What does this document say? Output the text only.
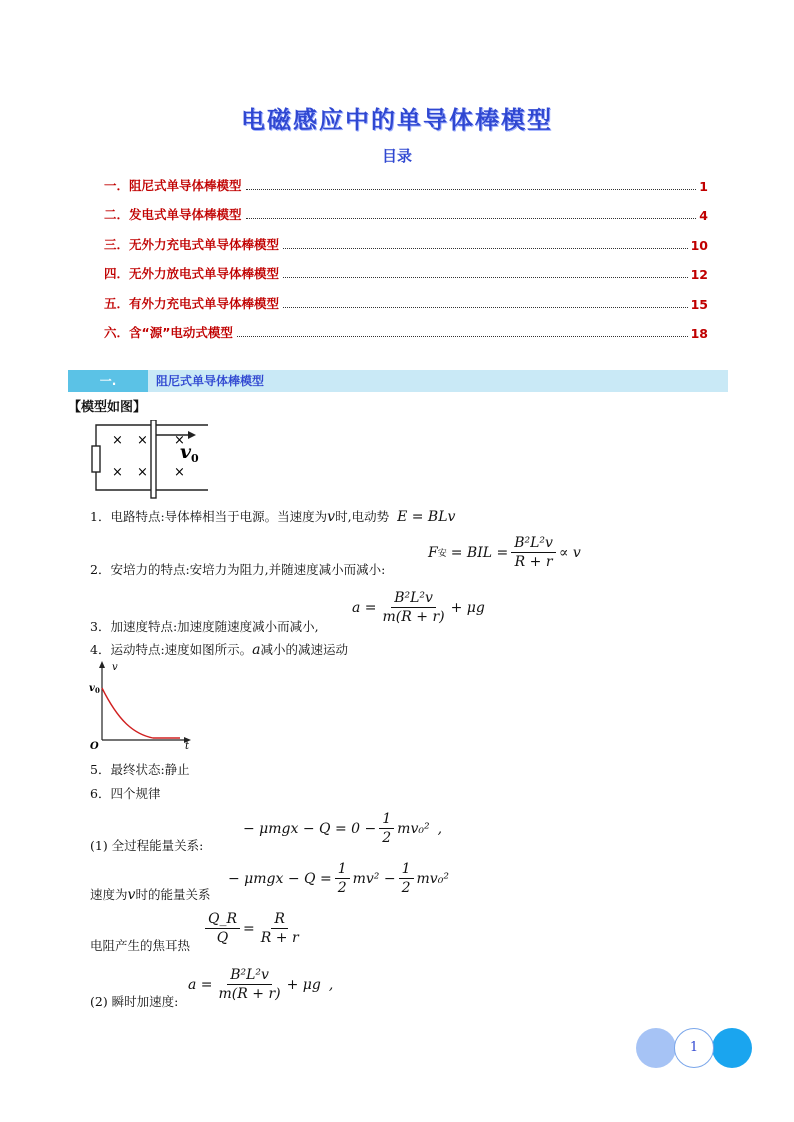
电磁感应中的单导体棒模型
目录
一．阻尼式单导体棒模型	1
二．发电式单导体棒模型	4
三．无外力充电式单导体棒模型	10
四．无外力放电式单导体棒模型	12
五．有外力充电式单导体棒模型	15
六．含“源”电动式模型	18
一.	阻尼式单导体棒模型
【模型如图】
× × ×
× × ×
v 0
1．电路特点:导体棒相当于电源。当速度为v时,电动势 E = BLv
2．安培力的特点:安培力为阻力,并随速度减小而减小:
F 安 = BIL = $\frac{\text{B²L²v}}{R + r} \propto v$
3．加速度特点:加速度随速度减小而减小,
$a = \frac{\text{B²L²v}}{m(R + r)} + \mu g$
4．运动特点:速度如图所示。a减小的减速运动
v
t
O
v 0
5．最终状态:静止
6．四个规律
(1) 全过程能量关系:
− $\mu mgx - Q = 0 - \frac{1}{2} mv_0^2$ ,
速度为v时的能量关系
− $\mu mgx - Q = \frac{1}{2} mv^2 - \frac{1}{2} mv_0^2$
电阻产生的焦耳热 $\frac{Q\_R}{Q} = \frac{R}{R + r}$
(2) 瞬时加速度:
$a = \frac{\text{B²L²v}}{m(R + r)} + \mu g$ ,
1
